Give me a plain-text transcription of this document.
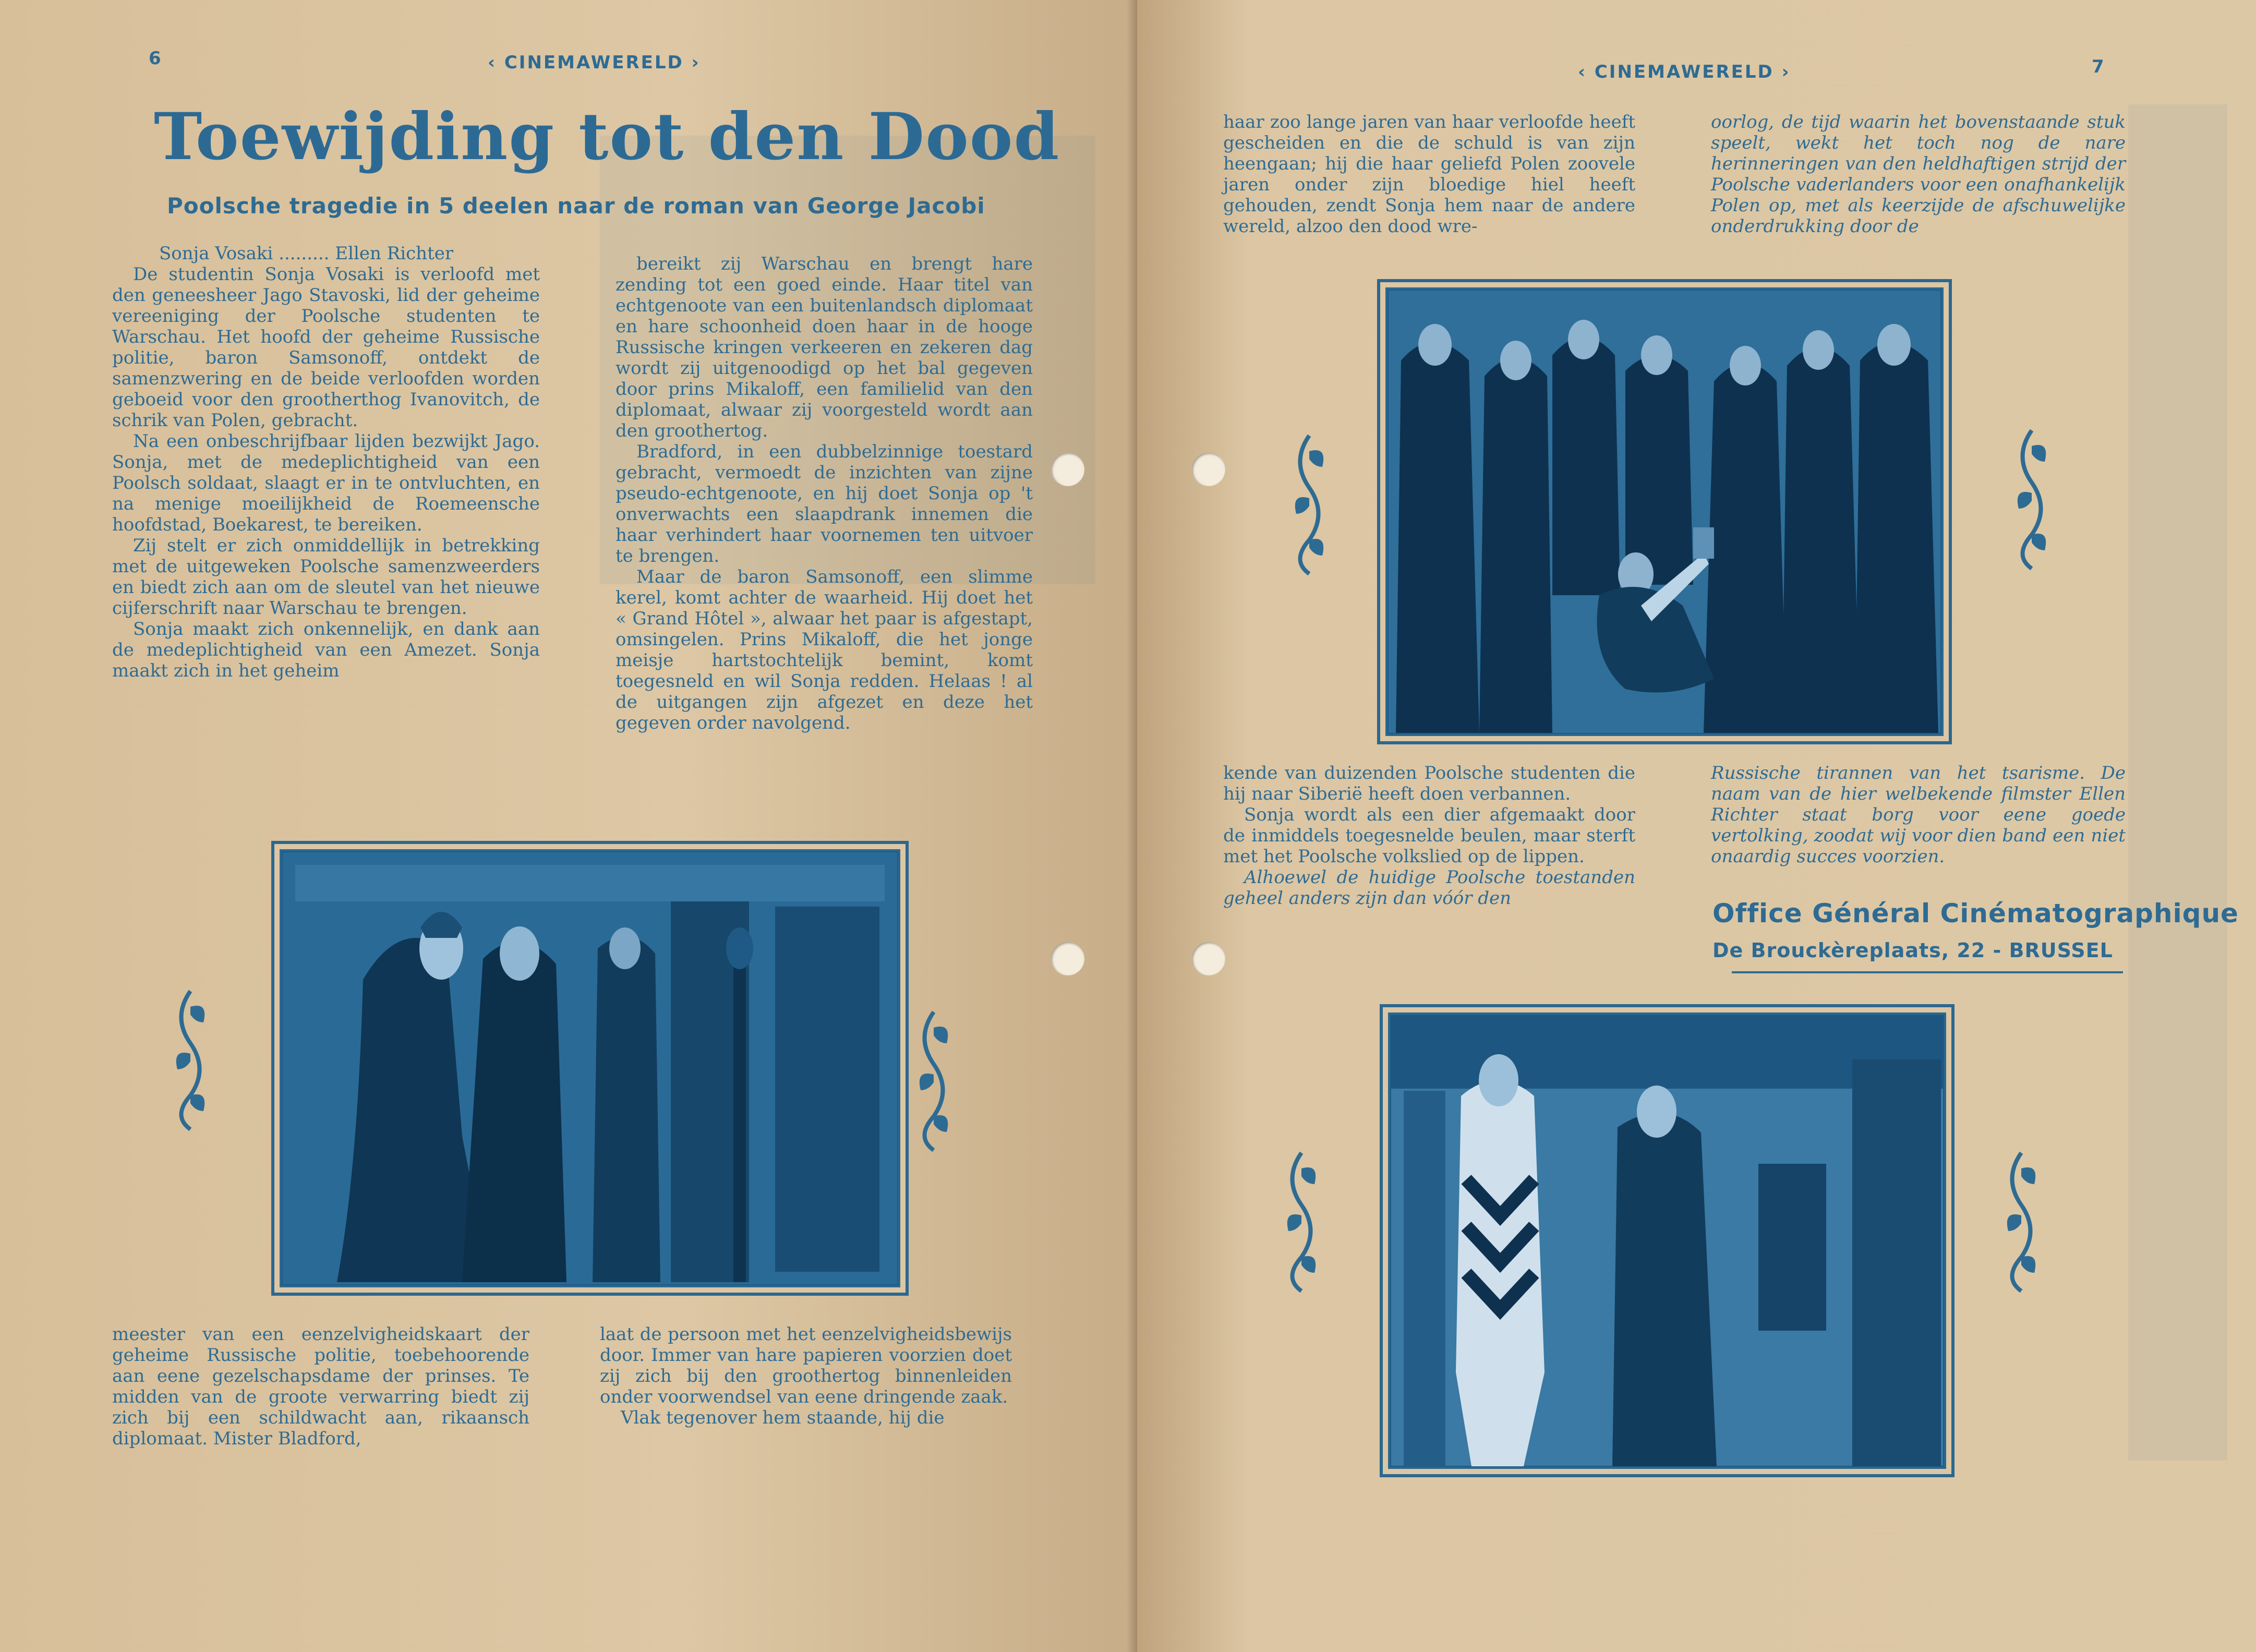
6	‹ CINEMAWERELD ›
Toewijding tot den Dood
Poolsche tragedie in 5 deelen naar de roman van George Jacobi

Sonja Vosaki ......... Ellen Richter

De studentin Sonja Vosaki is verloofd met den geneesheer Jago Stavoski, lid der geheime vereeniging der Poolsche studenten te Warschau. Het hoofd der geheime Russische politie, baron Samsonoff, ontdekt de samenzwering en de beide verloofden worden geboeid voor den grootherthog Ivanovitch, de schrik van Polen, gebracht.

Na een onbeschrijfbaar lijden bezwijkt Jago. Sonja, met de medeplichtigheid van een Poolsch soldaat, slaagt er in te ontvluchten, en na menige moeilijkheid de Roemeensche hoofdstad, Boekarest, te bereiken.

Zij stelt er zich onmiddellijk in betrekking met de uitgeweken Poolsche samenzweerders en biedt zich aan om de sleutel van het nieuwe cijferschrift naar Warschau te brengen.

Sonja maakt zich onkennelijk, en dank aan de medeplichtigheid van een Amezet. Sonja maakt zich in het geheim

bereikt zij Warschau en brengt hare zending tot een goed einde. Haar titel van echtgenoote van een buitenlandsch diplomaat en hare schoonheid doen haar in de hooge Russische kringen verkeeren en zekeren dag wordt zij uitgenoodigd op het bal gegeven door prins Mikaloff, een familielid van den diplomaat, alwaar zij voorgesteld wordt aan den groothertog.

Bradford, in een dubbelzinnige toestard gebracht, vermoedt de inzichten van zijne pseudo-echtgenoote, en hij doet Sonja op 't onverwachts een slaapdrank innemen die haar verhindert haar voornemen ten uitvoer te brengen.

Maar de baron Samsonoff, een slimme kerel, komt achter de waarheid. Hij doet het « Grand Hôtel », alwaar het paar is afgestapt, omsingelen. Prins Mikaloff, die het jonge meisje hartstochtelijk bemint, komt toegesneld en wil Sonja redden. Helaas ! al de uitgangen zijn afgezet en deze het gegeven order navolgend.

meester van een eenzelvigheidskaart der geheime Russische politie, toebehoorende aan eene gezelschapsdame der prinses. Te midden van de groote verwarring biedt zij zich bij een schildwacht aan, rikaansch diplomaat. Mister Bladford,

laat de persoon met het eenzelvigheidsbewijs door. Immer van hare papieren voorzien doet zij zich bij den groothertog binnenleiden onder voorwendsel van eene dringende zaak.

Vlak tegenover hem staande, hij die

‹ CINEMAWERELD ›	7

haar zoo lange jaren van haar verloofde heeft gescheiden en die de schuld is van zijn heengaan; hij die haar geliefd Polen zoovele jaren onder zijn bloedige hiel heeft gehouden, zendt Sonja hem naar de andere wereld, alzoo den dood wre-

oorlog, de tijd waarin het bovenstaande stuk speelt, wekt het toch nog de nare herinneringen van den heldhaftigen strijd der Poolsche vaderlanders voor een onafhankelijk Polen op, met als keerzijde de afschuwelijke onderdrukking door de

kende van duizenden Poolsche studenten die hij naar Siberië heeft doen verbannen.

Sonja wordt als een dier afgemaakt door de inmiddels toegesnelde beulen, maar sterft met het Poolsche volkslied op de lippen.

Alhoewel de huidige Poolsche toestanden geheel anders zijn dan vóór den

Russische tirannen van het tsarisme. De naam van de hier welbekende filmster Ellen Richter staat borg voor eene goede vertolking, zoodat wij voor dien band een niet onaardig succes voorzien.

Office Général Cinématographique
De Brouckèreplaats, 22 - BRUSSEL
